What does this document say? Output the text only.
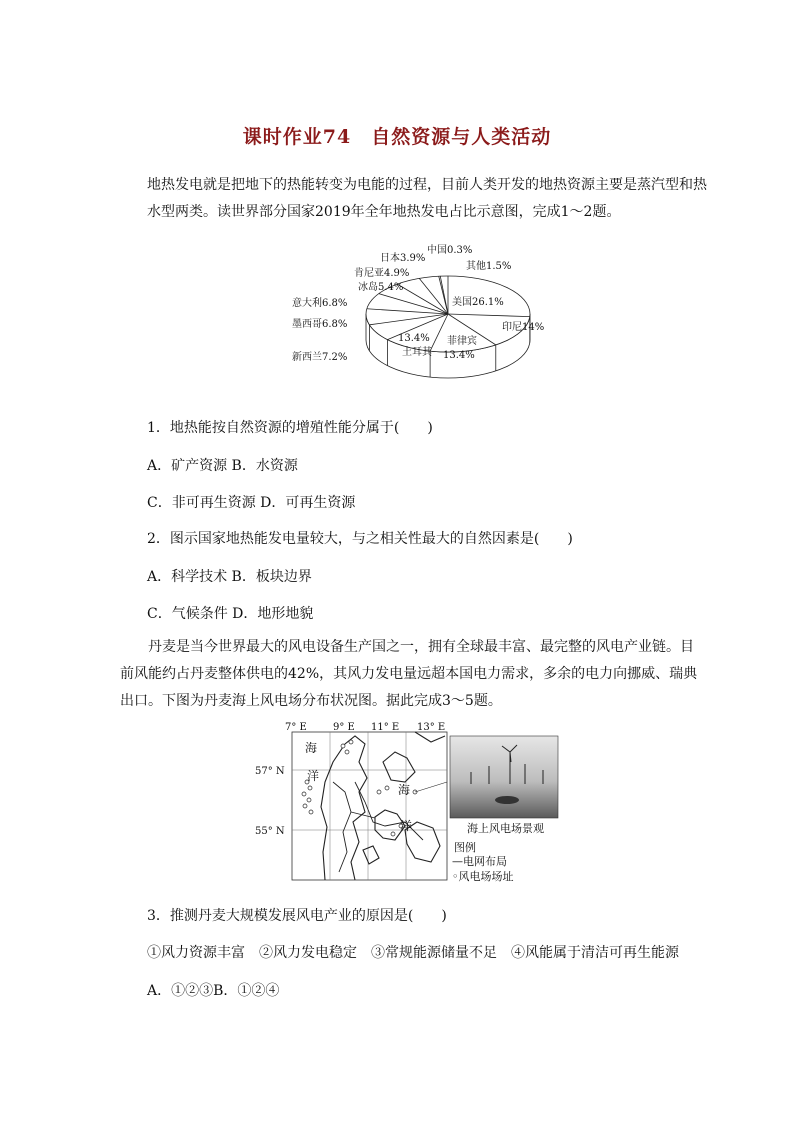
课时作业74　自然资源与人类活动
地热发电就是把地下的热能转变为电能的过程，目前人类开发的地热资源主要是蒸汽型和热水型两类。读世界部分国家2019年全年地热发电占比示意图，完成1～2题。
中国0.3%
日本3.9%
其他1.5%
肯尼亚4.9%
冰岛5.4%
美国26.1%
意大利6.8%
墨西哥6.8%	印尼14%
13.4%
土耳其
菲律宾
13.4%
新西兰7.2%
1．地热能按自然资源的增殖性能分属于(　　)
A．矿产资源 B．水资源
C．非可再生资源 D．可再生资源
2．图示国家地热能发电量较大，与之相关性最大的自然因素是(　　)
A．科学技术 B．板块边界
C．气候条件 D．地形地貌
丹麦是当今世界最大的风电设备生产国之一，拥有全球最丰富、最完整的风电产业链。目前风能约占丹麦整体供电的42%，其风力发电量远超本国电力需求，多余的电力向挪威、瑞典出口。下图为丹麦海上风电场分布状况图。据此完成3～5题。
7° E	9° E 11° E 13° E
57° N
55° N
海
洋
海
洋	海上风电场景观
图例
—电网布局
◦风电场场址
3．推测丹麦大规模发展风电产业的原因是(　　)
①风力资源丰富　②风力发电稳定　③常规能源储量不足　④风能属于清洁可再生能源
A．①②③B．①②④
